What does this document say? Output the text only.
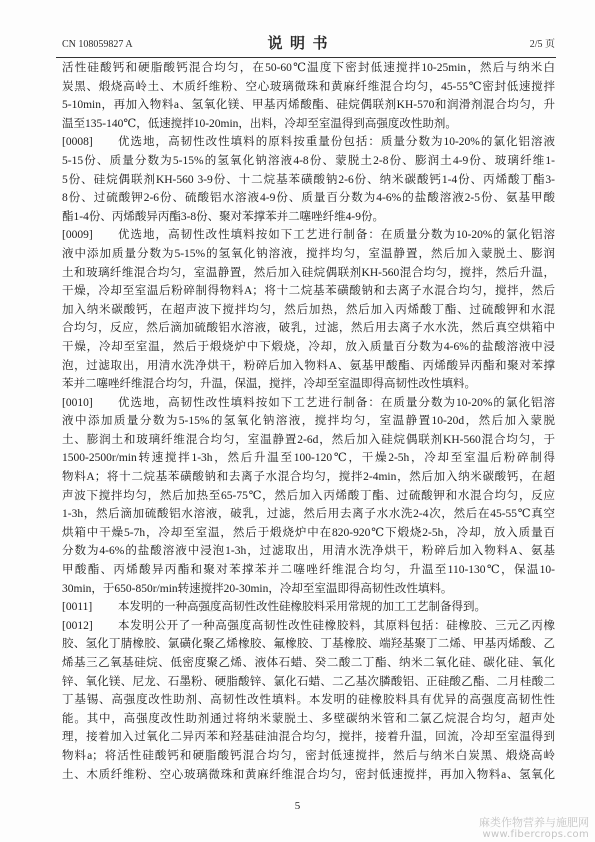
CN 108059827 A	说  明  书	2/5 页
活性硅酸钙和硬脂酸钙混合均匀，在50-60℃温度下密封低速搅拌10-25min，然后与纳米白
炭黑、煅烧高岭土、木质纤维粉、空心玻璃微珠和黄麻纤维混合均匀，45-55℃密封低速搅拌
5-10min，再加入物料a、氢氧化镁、甲基丙烯酸酯、硅烷偶联剂KH-570和润滑剂混合均匀，升
温至135-140℃，低速搅拌10-20min，出料，冷却至室温得到高强度改性助剂。
[0008]	优选地，高韧性改性填料的原料按重量份包括：质量分数为10-20%的氯化铝溶液
5-15份、质量分数为5-15%的氢氧化钠溶液4-8份、蒙脱土2-8份、膨润土4-9份、玻璃纤维1-
5份、硅烷偶联剂KH-560 3-9份、十二烷基苯磺酸钠2-6份、纳米碳酸钙1-4份、丙烯酸丁酯3-
8份、过硫酸钾2-6份、硫酸铝水溶液4-9份、质量百分数为4-6%的盐酸溶液2-5份、氨基甲酸
酯1-4份、丙烯酸异丙酯3-8份、聚对苯撑苯并二噻唑纤维4-9份。
[0009]	优选地，高韧性改性填料按如下工艺进行制备：在质量分数为10-20%的氯化铝溶
液中添加质量分数为5-15%的氢氧化钠溶液，搅拌均匀，室温静置，然后加入蒙脱土、膨润
土和玻璃纤维混合均匀，室温静置，然后加入硅烷偶联剂KH-560混合均匀，搅拌，然后升温，
干燥，冷却至室温后粉碎制得物料A；将十二烷基苯磺酸钠和去离子水混合均匀，搅拌，然后
加入纳米碳酸钙，在超声波下搅拌均匀，然后加热，然后加入丙烯酸丁酯、过硫酸钾和水混
合均匀，反应，然后滴加硫酸铝水溶液，破乳，过滤，然后用去离子水水洗，然后真空烘箱中
干燥，冷却至室温，然后于煅烧炉中下煅烧，冷却，放入质量百分数为4-6%的盐酸溶液中浸
泡，过滤取出，用清水洗净烘干，粉碎后加入物料A、氨基甲酸酯、丙烯酸异丙酯和聚对苯撑
苯并二噻唑纤维混合均匀，升温，保温，搅拌，冷却至室温即得高韧性改性填料。
[0010]	优选地，高韧性改性填料按如下工艺进行制备：在质量分数为10-20%的氯化铝溶
液中添加质量分数为5-15%的氢氧化钠溶液，搅拌均匀，室温静置10-20d，然后加入蒙脱
土、膨润土和玻璃纤维混合均匀，室温静置2-6d，然后加入硅烷偶联剂KH-560混合均匀，于
1500-2500r/min转速搅拌1-3h，然后升温至100-120℃，干燥2-5h，冷却至室温后粉碎制得
物料A；将十二烷基苯磺酸钠和去离子水混合均匀，搅拌2-4min，然后加入纳米碳酸钙，在超
声波下搅拌均匀，然后加热至65-75℃，然后加入丙烯酸丁酯、过硫酸钾和水混合均匀，反应
1-3h，然后滴加硫酸铝水溶液，破乳，过滤，然后用去离子水水洗2-4次，然后在45-55℃真空
烘箱中干燥5-7h，冷却至室温，然后于煅烧炉中在820-920℃下煅烧2-5h，冷却，放入质量百
分数为4-6%的盐酸溶液中浸泡1-3h，过滤取出，用清水洗净烘干，粉碎后加入物料A、氨基
甲酸酯、丙烯酸异丙酯和聚对苯撑苯并二噻唑纤维混合均匀，升温至110-130℃，保温10-
30min，于650-850r/min转速搅拌20-30min，冷却至室温即得高韧性改性填料。
[0011]	本发明的一种高强度高韧性改性硅橡胶料采用常规的加工工艺制备得到。
[0012]	本发明公开了一种高强度高韧性改性硅橡胶料，其原料包括：硅橡胶、三元乙丙橡
胶、氢化丁腈橡胶、氯磺化聚乙烯橡胶、氟橡胶、丁基橡胶、端羟基聚丁二烯、甲基丙烯酸、乙
烯基三乙氧基硅烷、低密度聚乙烯、液体石蜡、癸二酸二丁酯、纳米二氧化硅、碳化硅、氧化
锌、氧化镁、尼龙、石墨粉、硬脂酸锌、氯化石蜡、二乙基次膦酸铝、正硅酸乙酯、二月桂酸二
丁基锡、高强度改性助剂、高韧性改性填料。本发明的硅橡胶料具有优异的高强度高韧性性
能。其中，高强度改性助剂通过将纳米蒙脱土、多壁碳纳米管和二氯乙烷混合均匀，超声处
理，接着加入过氧化二异丙苯和羟基硅油混合均匀，搅拌，接着升温，回流，冷却至室温得到
物料a；将活性硅酸钙和硬脂酸钙混合均匀，密封低速搅拌，然后与纳米白炭黑、煅烧高岭
土、木质纤维粉、空心玻璃微珠和黄麻纤维混合均匀，密封低速搅拌，再加入物料a、氢氧化
5
麻类作物营养与施肥网
www.fibercrops.com
